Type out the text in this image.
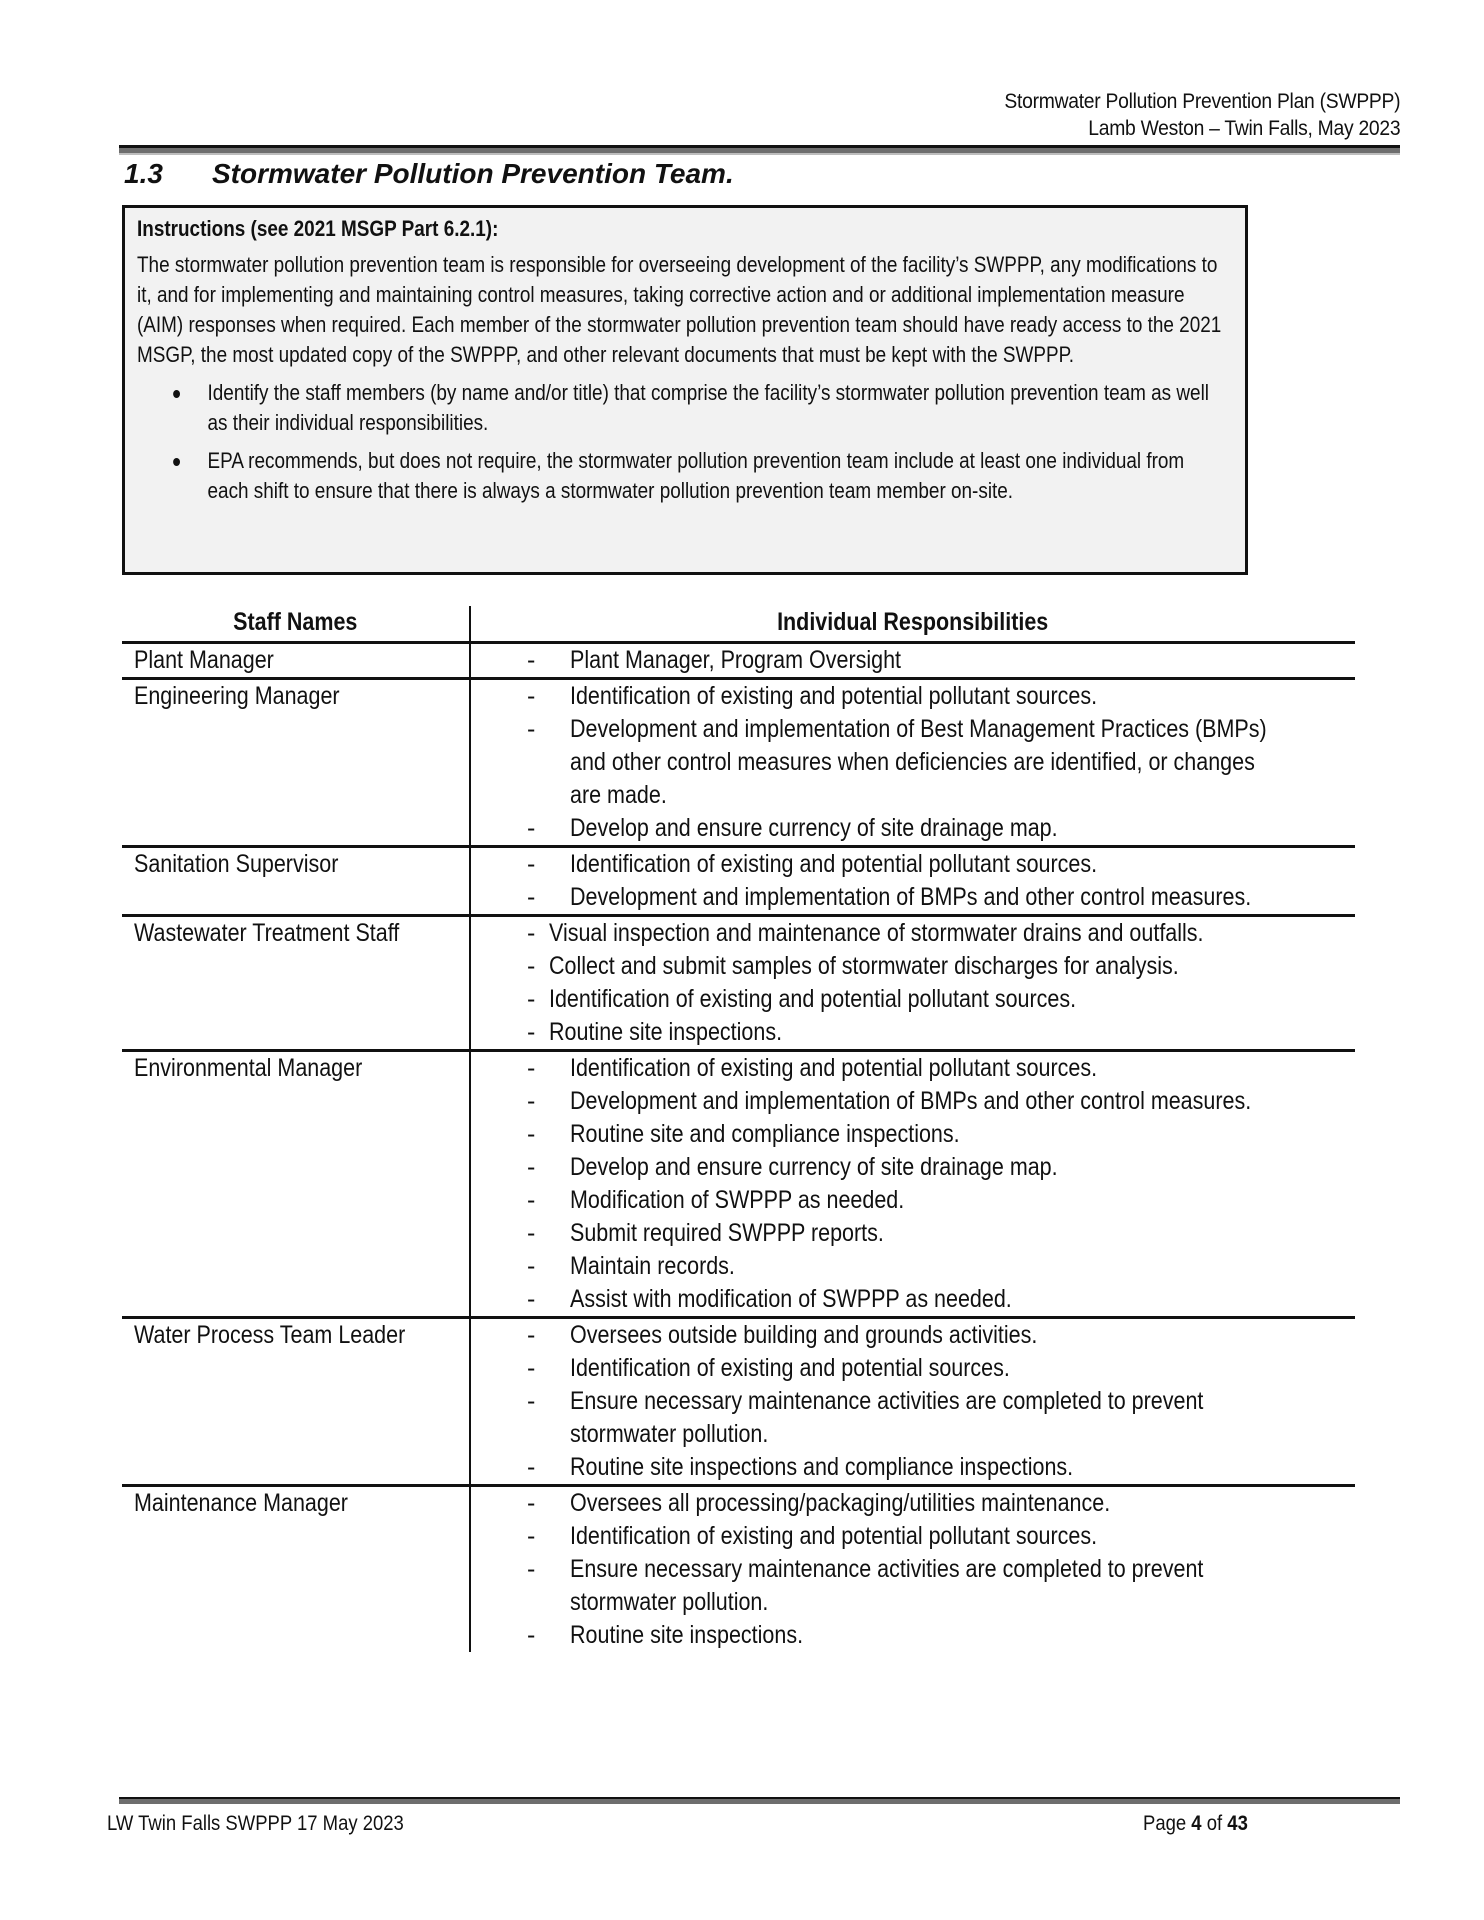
Stormwater Pollution Prevention Plan (SWPPP)
Lamb Weston – Twin Falls, May 2023
1.3 Stormwater Pollution Prevention Team.
Instructions (see 2021 MSGP Part 6.2.1):
The stormwater pollution prevention team is responsible for overseeing development of the facility’s SWPPP, any modifications to it, and for implementing and maintaining control measures, taking corrective action and or additional implementation measure (AIM) responses when required. Each member of the stormwater pollution prevention team should have ready access to the 2021 MSGP, the most updated copy of the SWPPP, and other relevant documents that must be kept with the SWPPP.
Identify the staff members (by name and/or title) that comprise the facility’s stormwater pollution prevention team as well as their individual responsibilities.
EPA recommends, but does not require, the stormwater pollution prevention team include at least one individual from each shift to ensure that there is always a stormwater pollution prevention team member on-site.
Staff Names	Individual Responsibilities
Plant Manager	- Plant Manager, Program Oversight

Engineering Manager	- Identification of existing and potential pollutant sources.
- Development and implementation of Best Management Practices (BMPs) and other control measures when deficiencies are identified, or changes are made.
- Develop and ensure currency of site drainage map.

Sanitation Supervisor	- Identification of existing and potential pollutant sources.
- Development and implementation of BMPs and other control measures.

Wastewater Treatment Staff	- Visual inspection and maintenance of stormwater drains and outfalls.
- Collect and submit samples of stormwater discharges for analysis.
- Identification of existing and potential pollutant sources.
- Routine site inspections.

Environmental Manager	- Identification of existing and potential pollutant sources.
- Development and implementation of BMPs and other control measures.
- Routine site and compliance inspections.
- Develop and ensure currency of site drainage map.
- Modification of SWPPP as needed.
- Submit required SWPPP reports.
- Maintain records.
- Assist with modification of SWPPP as needed.

Water Process Team Leader	- Oversees outside building and grounds activities.
- Identification of existing and potential sources.
- Ensure necessary maintenance activities are completed to prevent stormwater pollution.
- Routine site inspections and compliance inspections.

Maintenance Manager	- Oversees all processing/packaging/utilities maintenance.
- Identification of existing and potential pollutant sources.
- Ensure necessary maintenance activities are completed to prevent stormwater pollution.
- Routine site inspections.
LW Twin Falls SWPPP 17 May 2023	Page 4 of 43
